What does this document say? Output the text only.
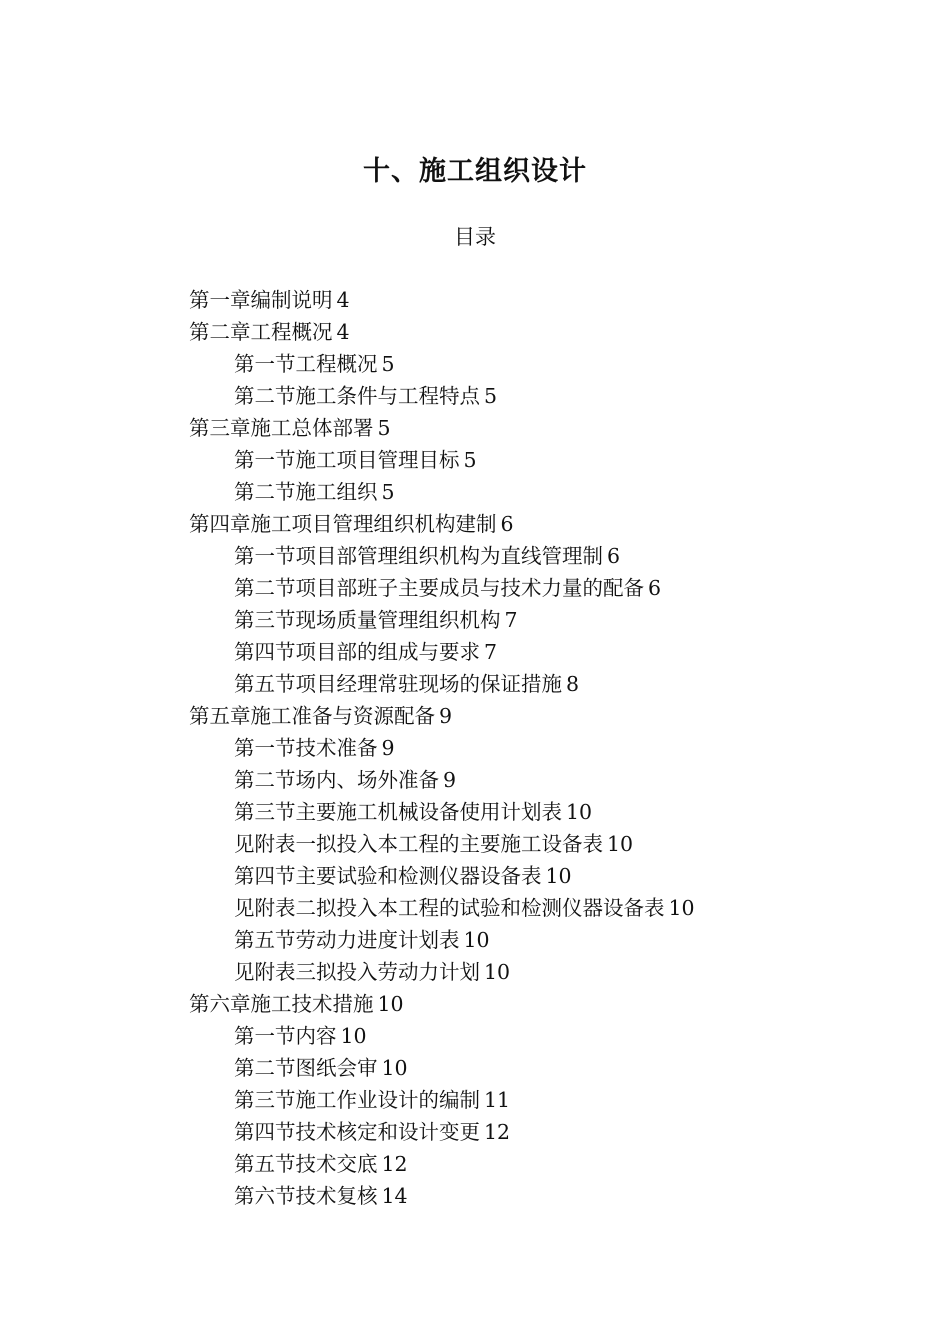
十、施工组织设计
目录
第一章编制说明 4
第二章工程概况 4
第一节工程概况 5
第二节施工条件与工程特点 5
第三章施工总体部署 5
第一节施工项目管理目标 5
第二节施工组织 5
第四章施工项目管理组织机构建制 6
第一节项目部管理组织机构为直线管理制 6
第二节项目部班子主要成员与技术力量的配备 6
第三节现场质量管理组织机构 7
第四节项目部的组成与要求 7
第五节项目经理常驻现场的保证措施 8
第五章施工准备与资源配备 9
第一节技术准备 9
第二节场内、场外准备 9
第三节主要施工机械设备使用计划表 10
见附表一拟投入本工程的主要施工设备表 10
第四节主要试验和检测仪器设备表 10
见附表二拟投入本工程的试验和检测仪器设备表 10
第五节劳动力进度计划表 10
见附表三拟投入劳动力计划 10
第六章施工技术措施 10
第一节内容 10
第二节图纸会审 10
第三节施工作业设计的编制 11
第四节技术核定和设计变更 12
第五节技术交底 12
第六节技术复核 14
